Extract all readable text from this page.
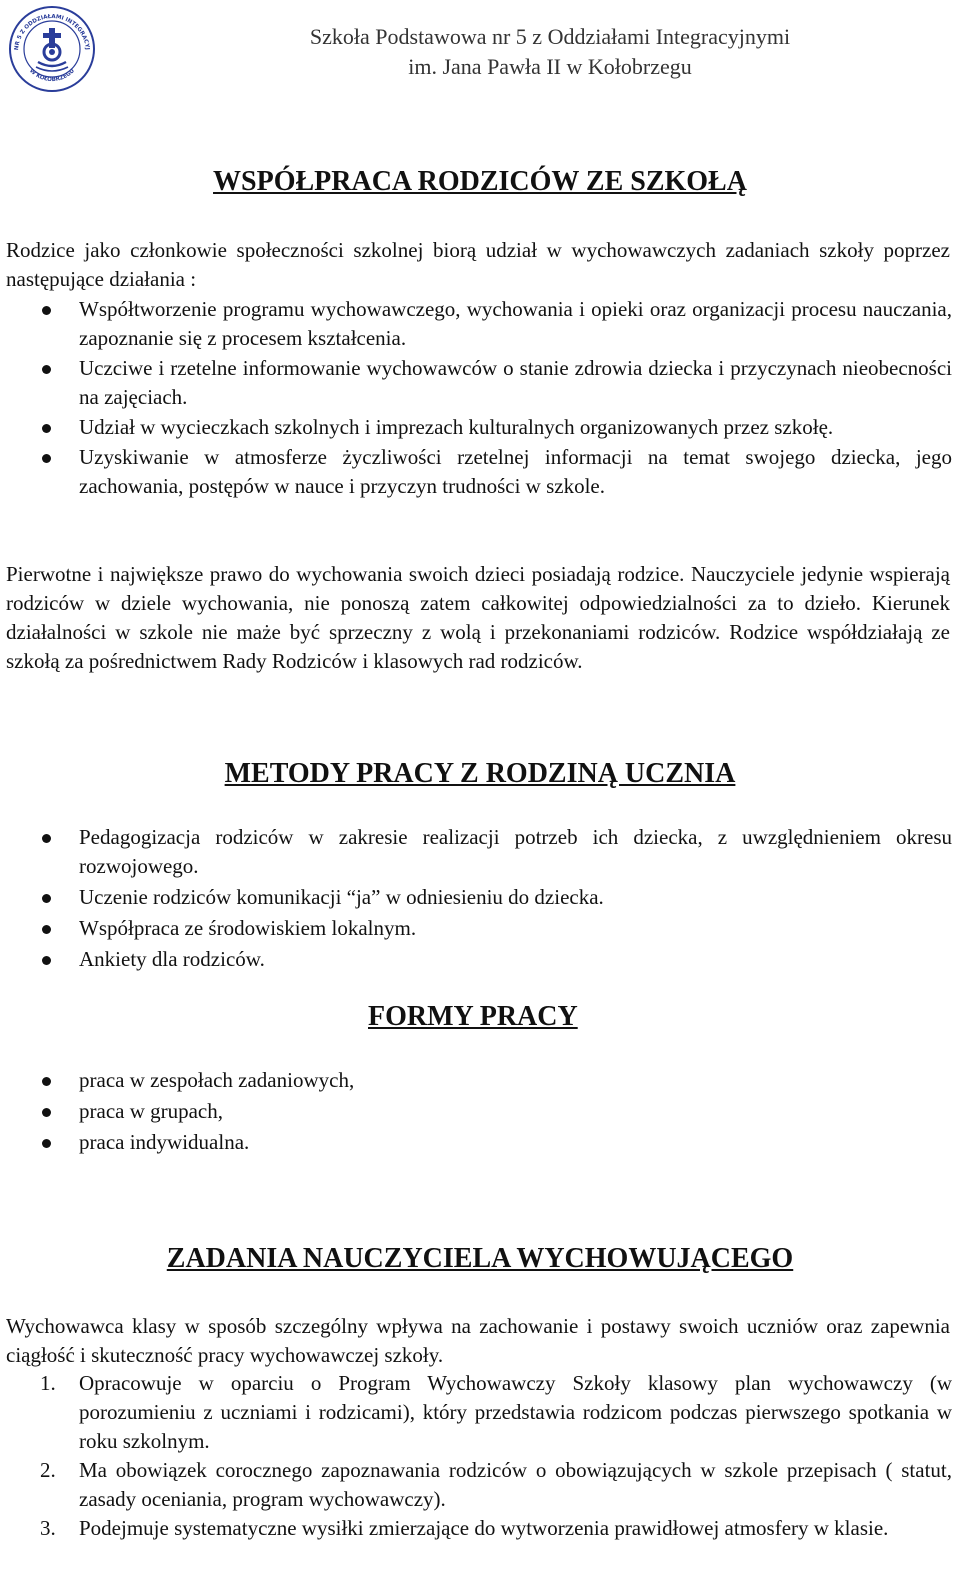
NR 5 Z ODDZIAŁAMI INTEGRACYJ
W KOŁOBRZEGU
Szkoła Podstawowa nr 5 z Oddziałami Integracyjnymi
im. Jana Pawła II w Kołobrzegu
WSPÓŁPRACA RODZICÓW ZE SZKOŁĄ
Rodzice jako członkowie społeczności szkolnej biorą udział w wychowawczych zadaniach szkoły poprzez następujące działania :
Współtworzenie programu wychowawczego, wychowania i opieki oraz organizacji procesu nauczania, zapoznanie się z procesem kształcenia.
Uczciwe i rzetelne informowanie wychowawców o stanie zdrowia dziecka i przyczynach nieobecności na zajęciach.
Udział w wycieczkach szkolnych i imprezach kulturalnych organizowanych przez szkołę.
Uzyskiwanie w atmosferze życzliwości rzetelnej informacji na temat swojego dziecka, jego zachowania, postępów w nauce i przyczyn trudności w szkole.
Pierwotne i największe prawo do wychowania swoich dzieci posiadają rodzice. Nauczyciele jedynie wspierają rodziców w dziele wychowania, nie ponoszą zatem całkowitej odpowiedzialności za to dzieło. Kierunek działalności w szkole nie maże być sprzeczny z wolą i przekonaniami rodziców. Rodzice współdziałają ze szkołą za pośrednictwem Rady Rodziców i klasowych rad rodziców.
METODY PRACY Z RODZINĄ UCZNIA
Pedagogizacja rodziców w zakresie realizacji potrzeb ich dziecka, z uwzględnieniem okresu rozwojowego.
Uczenie rodziców komunikacji “ja” w odniesieniu do dziecka.
Współpraca ze środowiskiem lokalnym.
Ankiety dla rodziców.
FORMY PRACY
praca w zespołach zadaniowych,
praca w grupach,
praca indywidualna.
ZADANIA NAUCZYCIELA WYCHOWUJĄCEGO
Wychowawca klasy w sposób szczególny wpływa na zachowanie i postawy swoich uczniów oraz zapewnia ciągłość i skuteczność pracy wychowawczej szkoły.
1. Opracowuje w oparciu o Program Wychowawczy Szkoły klasowy plan wychowawczy (w porozumieniu z uczniami i rodzicami), który przedstawia rodzicom podczas pierwszego spotkania w roku szkolnym.
2. Ma obowiązek corocznego zapoznawania rodziców o obowiązujących w szkole przepisach ( statut, zasady oceniania, program wychowawczy).
3. Podejmuje systematyczne wysiłki zmierzające do wytworzenia prawidłowej atmosfery w klasie.
